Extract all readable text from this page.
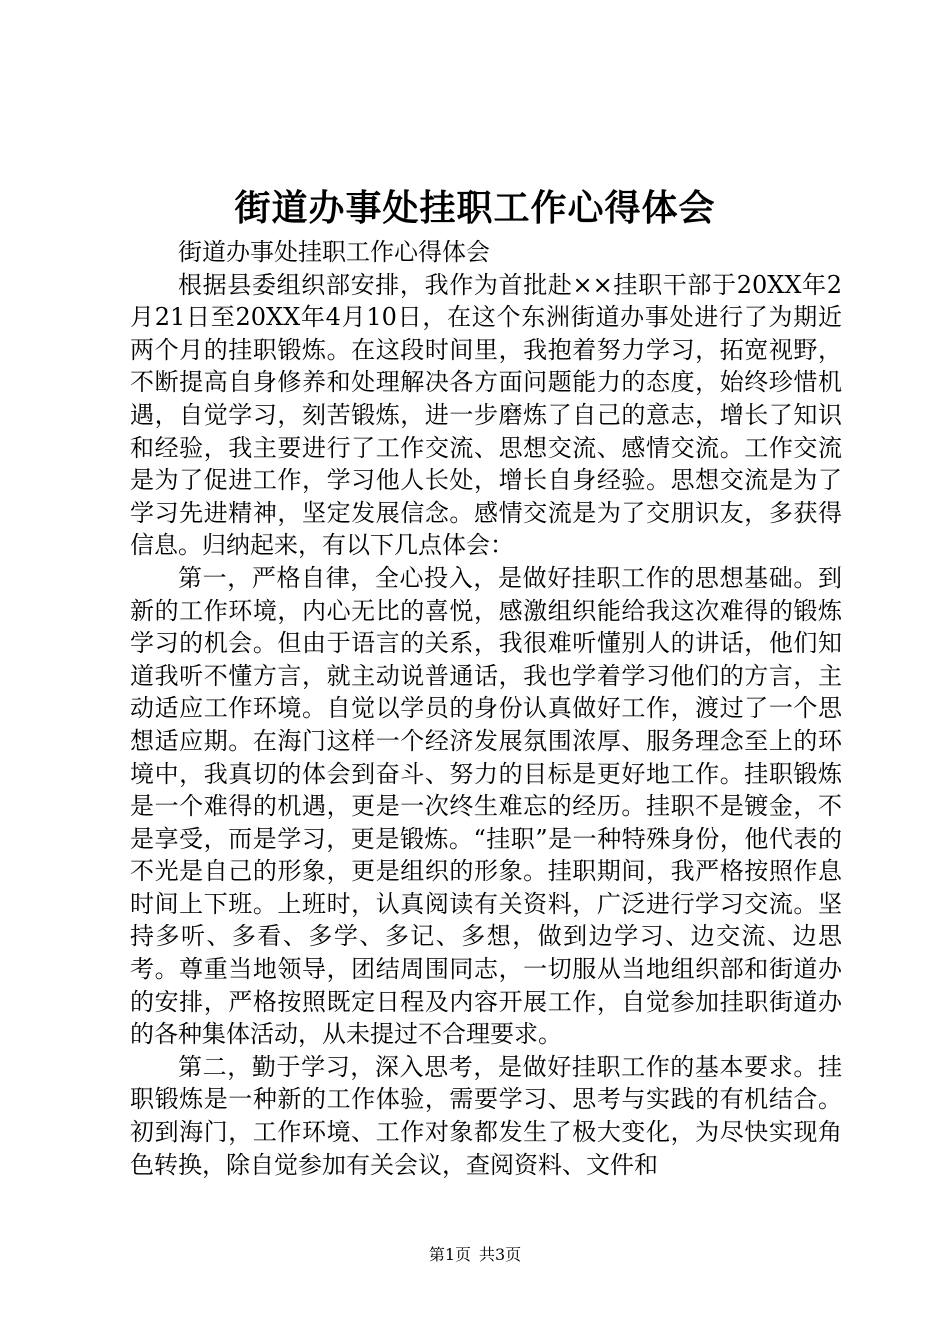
街道办事处挂职工作心得体会

街道办事处挂职工作心得体会

根据县委组织部安排，我作为首批赴××挂职干部于20XX年2月21日至20XX年4月10日，在这个东洲街道办事处进行了为期近两个月的挂职锻炼。在这段时间里，我抱着努力学习，拓宽视野，不断提高自身修养和处理解决各方面问题能力的态度，始终珍惜机遇，自觉学习，刻苦锻炼，进一步磨炼了自己的意志，增长了知识和经验，我主要进行了工作交流、思想交流、感情交流。工作交流是为了促进工作，学习他人长处，增长自身经验。思想交流是为了学习先进精神，坚定发展信念。感情交流是为了交朋识友，多获得信息。归纳起来，有以下几点体会：

第一，严格自律，全心投入，是做好挂职工作的思想基础。到新的工作环境，内心无比的喜悦，感激组织能给我这次难得的锻炼学习的机会。但由于语言的关系，我很难听懂别人的讲话，他们知道我听不懂方言，就主动说普通话，我也学着学习他们的方言，主动适应工作环境。自觉以学员的身份认真做好工作，渡过了一个思想适应期。在海门这样一个经济发展氛围浓厚、服务理念至上的环境中，我真切的体会到奋斗、努力的目标是更好地工作。挂职锻炼是一个难得的机遇，更是一次终生难忘的经历。挂职不是镀金，不是享受，而是学习，更是锻炼。“挂职”是一种特殊身份，他代表的不光是自己的形象，更是组织的形象。挂职期间，我严格按照作息时间上下班。上班时，认真阅读有关资料，广泛进行学习交流。坚持多听、多看、多学、多记、多想，做到边学习、边交流、边思考。尊重当地领导，团结周围同志，一切服从当地组织部和街道办的安排，严格按照既定日程及内容开展工作，自觉参加挂职街道办的各种集体活动，从未提过不合理要求。

第二，勤于学习，深入思考，是做好挂职工作的基本要求。挂职锻炼是一种新的工作体验，需要学习、思考与实践的有机结合。初到海门，工作环境、工作对象都发生了极大变化，为尽快实现角色转换，除自觉参加有关会议，查阅资料、文件和

第1页 共3页
